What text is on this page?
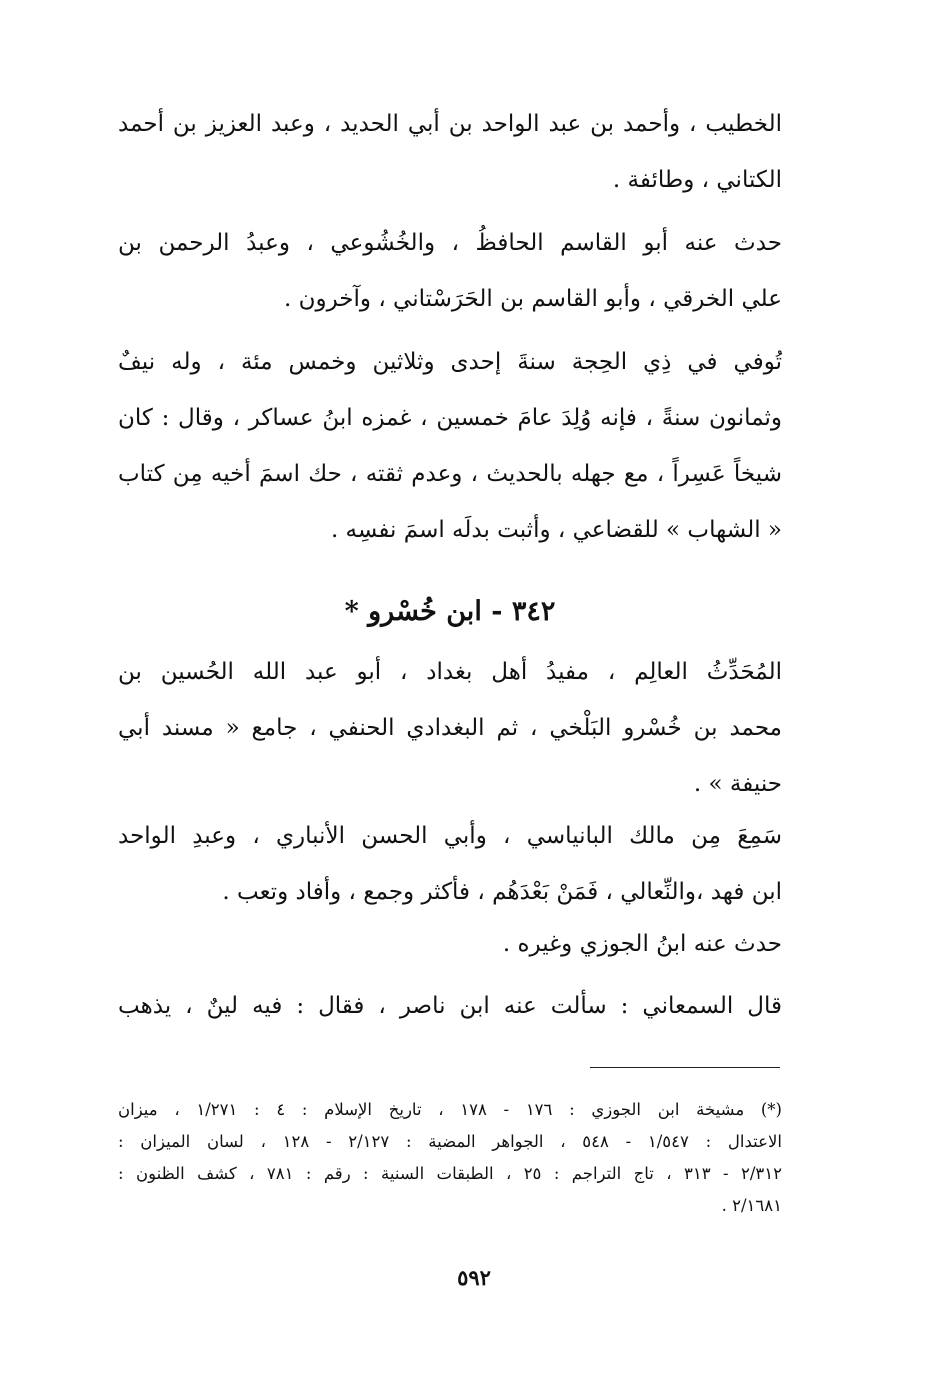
الخطيب ، وأحمد بن عبد الواحد بن أبي الحديد ، وعبد العزيز بن أحمد
الكتاني ، وطائفة .
حدث عنه أبو القاسم الحافظُ ، والخُشُوعي ، وعبدُ الرحمن بن
علي الخرقي ، وأبو القاسم بن الحَرَسْتاني ، وآخرون .
تُوفي في ذِي الحِجة سنةَ إحدى وثلاثين وخمس مئة ، وله نيفٌ
وثمانون سنةً ، فإنه وُلِدَ عامَ خمسين ، غمزه ابنُ عساكر ، وقال : كان
شيخاً عَسِراً ، مع جهله بالحديث ، وعدم ثقته ، حك اسمَ أخيه مِن كتاب
« الشهاب » للقضاعي ، وأثبت بدلَه اسمَ نفسِه .
٣٤٢ - ابن خُسْرو *
المُحَدِّثُ العالِم ، مفيدُ أهل بغداد ، أبو عبد الله الحُسين بن
محمد بن خُسْرو البَلْخي ، ثم البغدادي الحنفي ، جامع « مسند أبي
حنيفة » .
سَمِعَ مِن مالك البانياسي ، وأبي الحسن الأنباري ، وعبدِ الواحد
ابن فهد ،والنِّعالي ، فَمَنْ بَعْدَهُم ، فأكثر وجمع ، وأفاد وتعب .
حدث عنه ابنُ الجوزي وغيره .
قال السمعاني : سألت عنه ابن ناصر ، فقال : فيه لينٌ ، يذهب
(*) مشيخة ابن الجوزي : ١٧٦ - ١٧٨ ، تاريخ الإسلام : ٤ : ١/٢٧١ ، ميزان
الاعتدال : ١/٥٤٧ - ٥٤٨ ، الجواهر المضية : ٢/١٢٧ - ١٢٨ ، لسان الميزان :
٢/٣١٢ - ٣١٣ ، تاج التراجم : ٢٥ ، الطبقات السنية : رقم : ٧٨١ ، كشف الظنون :
٢/١٦٨١ .
٥٩٢
